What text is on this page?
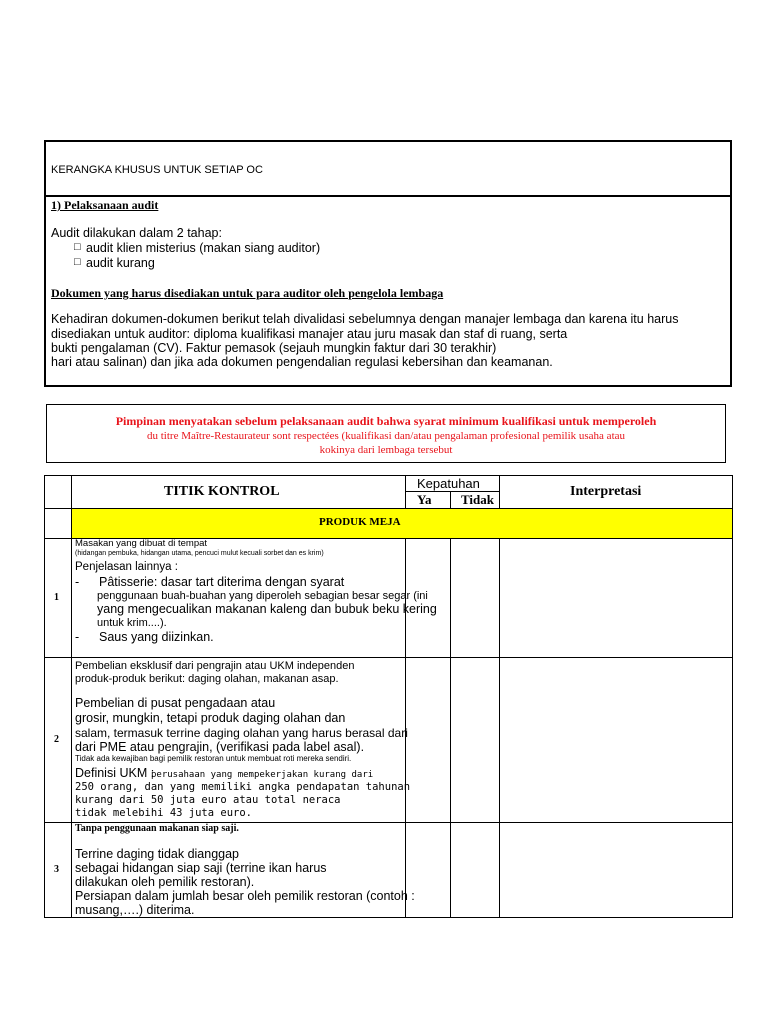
KERANGKA KHUSUS UNTUK SETIAP OC
1) Pelaksanaan audit
Audit dilakukan dalam 2 tahap:
□ audit klien misterius (makan siang auditor)
□ audit kurang
Dokumen yang harus disediakan untuk para auditor oleh pengelola lembaga
Kehadiran dokumen-dokumen berikut telah divalidasi sebelumnya dengan manajer lembaga dan karena itu harus
disediakan untuk auditor: diploma kualifikasi manajer atau juru masak dan staf di ruang, serta
bukti pengalaman (CV). Faktur pemasok (sejauh mungkin faktur dari 30 terakhir)
hari atau salinan) dan jika ada dokumen pengendalian regulasi kebersihan dan keamanan.
Pimpinan menyatakan sebelum pelaksanaan audit bahwa syarat minimum kualifikasi untuk memperoleh
du titre Maître-Restaurateur sont respectées (kualifikasi dan/atau pengalaman profesional pemilik usaha atau
kokinya dari lembaga tersebut
TITIK KONTROL
Kepatuhan
Ya Tidak
Interpretasi
PRODUK MEJA
1
Masakan yang dibuat di tempat
(hidangan pembuka, hidangan utama, pencuci mulut kecuali sorbet dan es krim)
Penjelasan lainnya :
- Pâtisserie: dasar tart diterima dengan syarat
penggunaan buah-buahan yang diperoleh sebagian besar segar (ini
yang mengecualikan makanan kaleng dan bubuk beku kering
untuk krim....).
- Saus yang diizinkan.
2
Pembelian eksklusif dari pengrajin atau UKM independen
produk-produk berikut: daging olahan, makanan asap.
Pembelian di pusat pengadaan atau
grosir, mungkin, tetapi produk daging olahan dan
salam, termasuk terrine daging olahan yang harus berasal dari
dari PME atau pengrajin, (verifikasi pada label asal).
Tidak ada kewajiban bagi pemilik restoran untuk membuat roti mereka sendiri.
Definisi UKM :
perusahaan yang mempekerjakan kurang dari
250 orang, dan yang memiliki angka pendapatan tahunan
kurang dari 50 juta euro atau total neraca
tidak melebihi 43 juta euro.
3
Tanpa penggunaan makanan siap saji.
Terrine daging tidak dianggap
sebagai hidangan siap saji (terrine ikan harus
dilakukan oleh pemilik restoran).
Persiapan dalam jumlah besar oleh pemilik restoran (contoh :
musang,….) diterima.
